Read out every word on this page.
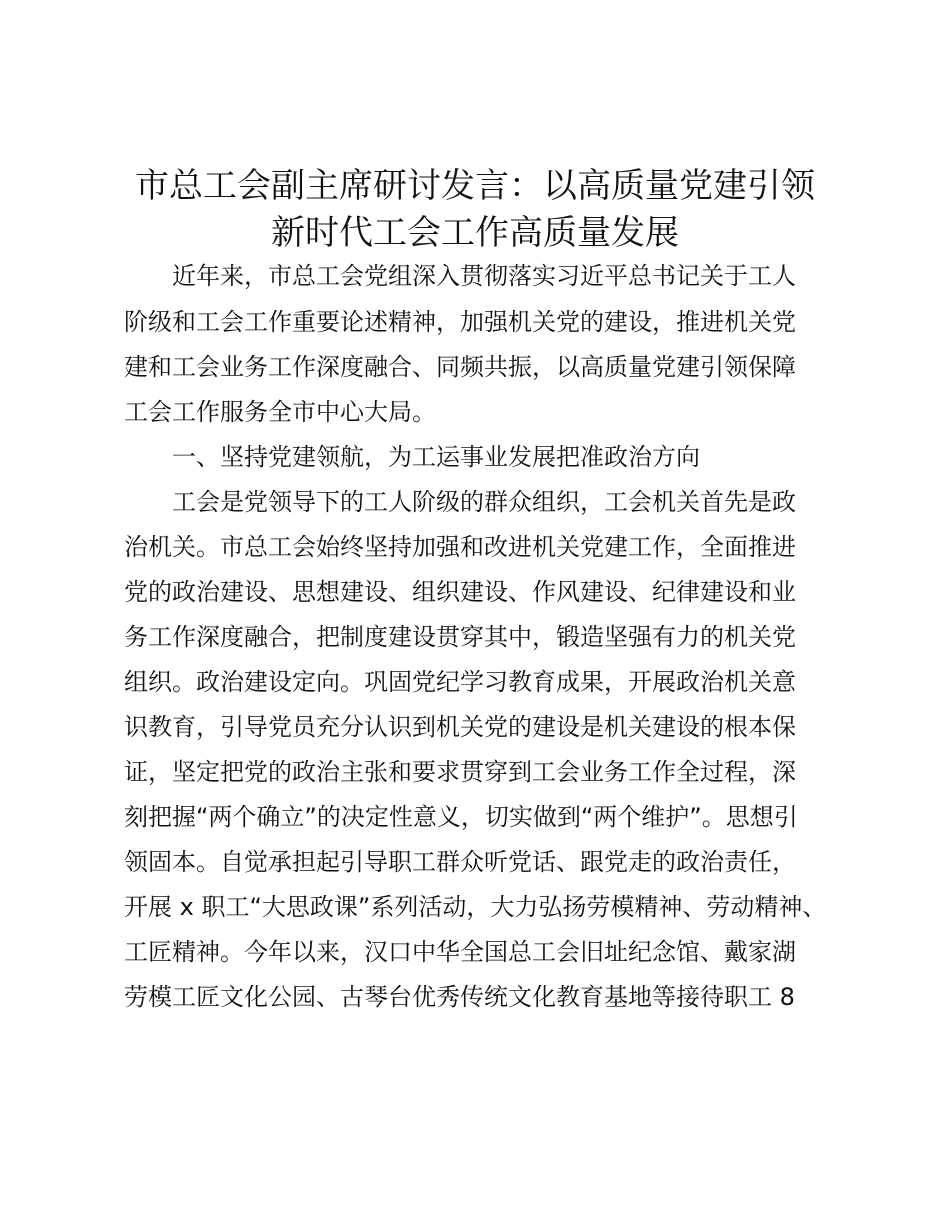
市总工会副主席研讨发言：以高质量党建引领
新时代工会工作高质量发展
近年来，市总工会党组深入贯彻落实习近平总书记关于工人
阶级和工会工作重要论述精神，加强机关党的建设，推进机关党
建和工会业务工作深度融合、同频共振，以高质量党建引领保障
工会工作服务全市中心大局。
一、坚持党建领航，为工运事业发展把准政治方向
工会是党领导下的工人阶级的群众组织，工会机关首先是政
治机关。市总工会始终坚持加强和改进机关党建工作，全面推进
党的政治建设、思想建设、组织建设、作风建设、纪律建设和业
务工作深度融合，把制度建设贯穿其中，锻造坚强有力的机关党
组织。政治建设定向。巩固党纪学习教育成果，开展政治机关意
识教育，引导党员充分认识到机关党的建设是机关建设的根本保
证，坚定把党的政治主张和要求贯穿到工会业务工作全过程，深
刻把握“两个确立”的决定性意义，切实做到“两个维护”。思想引
领固本。自觉承担起引导职工群众听党话、跟党走的政治责任，
开展 x 职工“大思政课”系列活动，大力弘扬劳模精神、劳动精神、
工匠精神。今年以来，汉口中华全国总工会旧址纪念馆、戴家湖
劳模工匠文化公园、古琴台优秀传统文化教育基地等接待职工 8
